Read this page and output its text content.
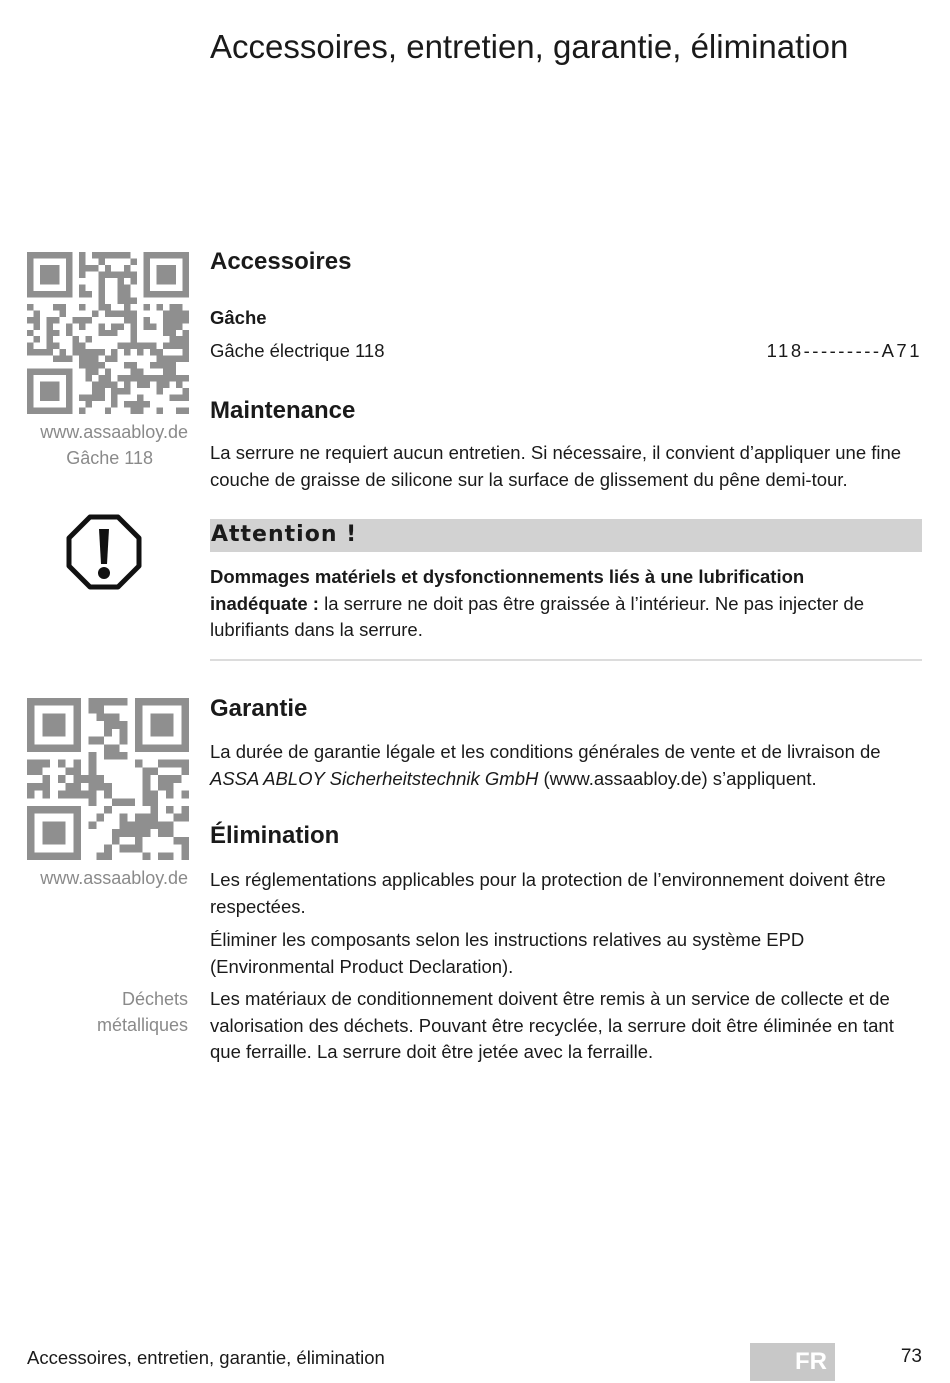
Accessoires, entretien, garantie, élimination

www.assaabloy.de

Gâche 118

Accessoires
Gâche
Gâche électrique 118	118---------A71
Maintenance

La serrure ne requiert aucun entretien. Si nécessaire, il convient d’appliquer une fine couche de graisse de silicone sur la surface de glissement du pêne demi-tour.

Attention !

Dommages matériels et dysfonctionnements liés à une lubrification inadéquate : la serrure ne doit pas être graissée à l’intérieur. Ne pas injecter de lubrifiants dans la serrure.

www.assaabloy.de

Garantie

La durée de garantie légale et les conditions générales de vente et de livraison de ASSA ABLOY Sicherheitstechnik GmbH (www.assaabloy.de) s’appliquent.

Élimination

Les réglementations applicables pour la protection de l’environnement doivent être respectées.

Éliminer les composants selon les instructions relatives au système EPD (Environmental Product Declaration).

Les matériaux de conditionnement doivent être remis à un service de collecte et de valorisation des déchets. Pouvant être recyclée, la serrure doit être éliminée en tant que ferraille. La serrure doit être jetée avec la ferraille.

Déchets
métalliques

Accessoires, entretien, garantie, élimination	FR	73
